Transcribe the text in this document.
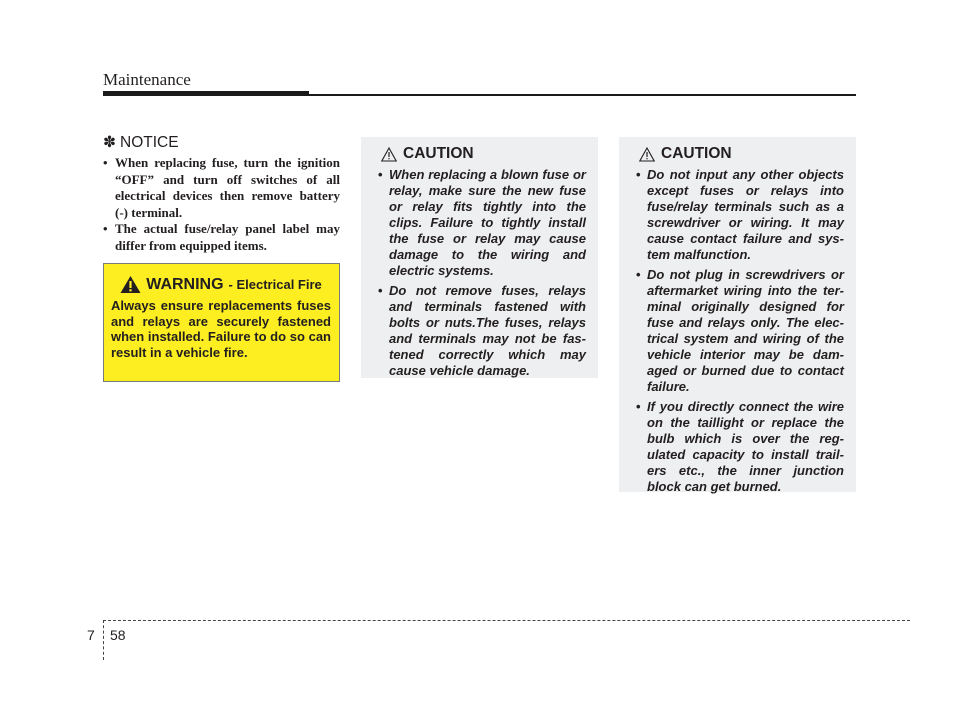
Maintenance
✽ NOTICE
• When replacing fuse, turn the ignition “OFF” and turn off switches of all electrical devices then remove battery (-) terminal.
• The actual fuse/relay panel label may differ from equipped items.
WARNING - Electrical Fire

Always ensure replacements fuses and relays are securely fastened when installed. Failure to do so can result in a vehicle fire.

CAUTION
• When replacing a blown fuse or relay, make sure the new fuse or relay fits tightly into the clips. Failure to tightly install the fuse or relay may cause damage to the wiring and electric systems.
• Do not remove fuses, relays and terminals fastened with bolts or nuts.The fuses, relays and terminals may not be fas-tened correctly which may cause vehicle damage.
CAUTION
• Do not input any other objects except fuses or relays into fuse/relay terminals such as a screwdriver or wiring. It may cause contact failure and sys-tem malfunction.
• Do not plug in screwdrivers or aftermarket wiring into the ter-minal originally designed for fuse and relays only. The elec-trical system and wiring of the vehicle interior may be dam-aged or burned due to contact failure.
• If you directly connect the wire on the taillight or replace the bulb which is over the reg-ulated capacity to install trail-ers etc., the inner junction block can get burned.
7 58
